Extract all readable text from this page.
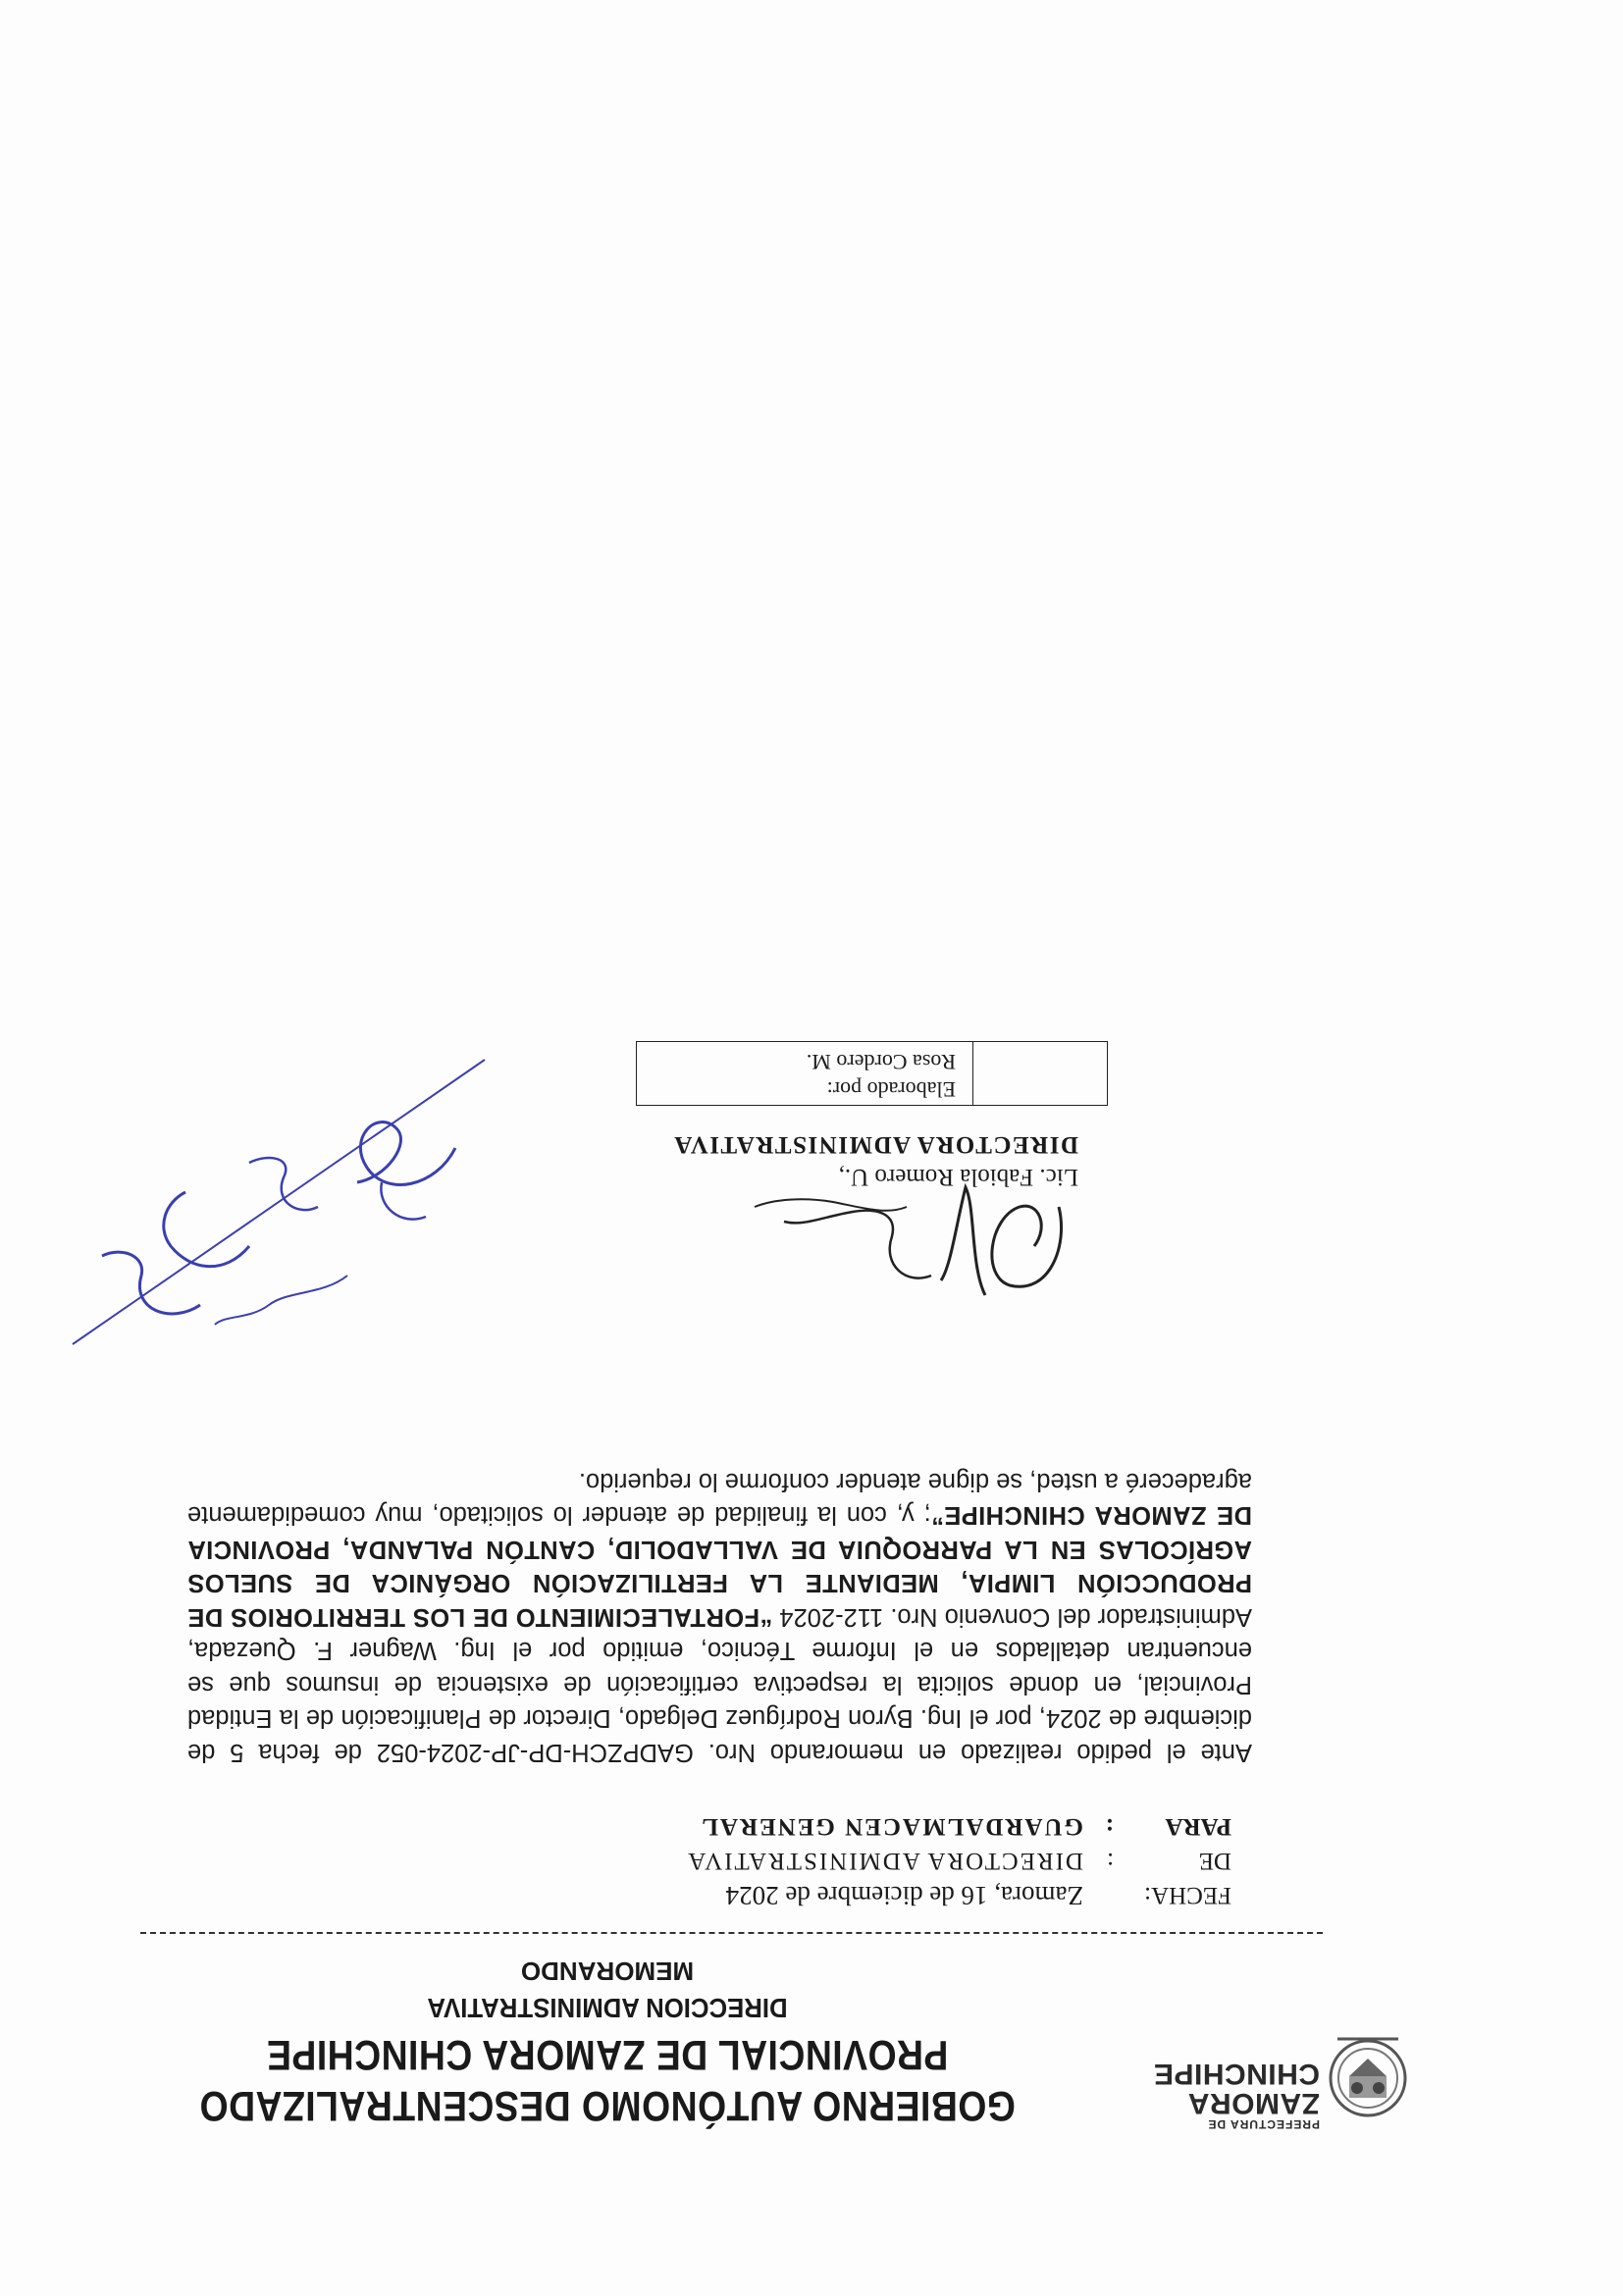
PREFECTURA DE
ZAMORA
CHINCHIPE
GOBIERNO AUTÓNOMO DESCENTRALIZADO
PROVINCIAL DE ZAMORA CHINCHIPE
DIRECCION ADMINISTRATIVA
MEMORANDO
FECHA:
Zamora, 16 de diciembre de 2024
DE
:
DIRECTORA ADMINISTRATIVA
PARA
:
GUARDALMACEN GENERAL

Ante el pedido realizado en memorando Nro. GADPZCH-DP-JP-2024-052 de fecha 5 de diciembre de 2024, por el Ing. Byron Rodríguez Delgado, Director de Planificación de la Entidad Provincial, en donde solicita la respectiva certificación de existencia de insumos que se encuentran detallados en el Informe Técnico, emitido por el Ing. Wagner F. Quezada, Administrador del Convenio Nro. 112-2024 “FORTALECIMIENTO DE LOS TERRITORIOS DE PRODUCCIÓN LIMPIA, MEDIANTE LA FERTILIZACIÓN ORGÁNICA DE SUELOS AGRÍCOLAS EN LA PARROQUIA DE VALLADOLID, CANTÓN PALANDA, PROVINCIA DE ZAMORA CHINCHIPE”; y, con la finalidad de atender lo solicitado, muy comedidamente agradeceré a usted, se digne atender conforme lo requerido.

Lic. Fabiola Romero U.,
DIRECTORA ADMINISTRATIVA
Elaborado por:
Rosa Cordero M.
